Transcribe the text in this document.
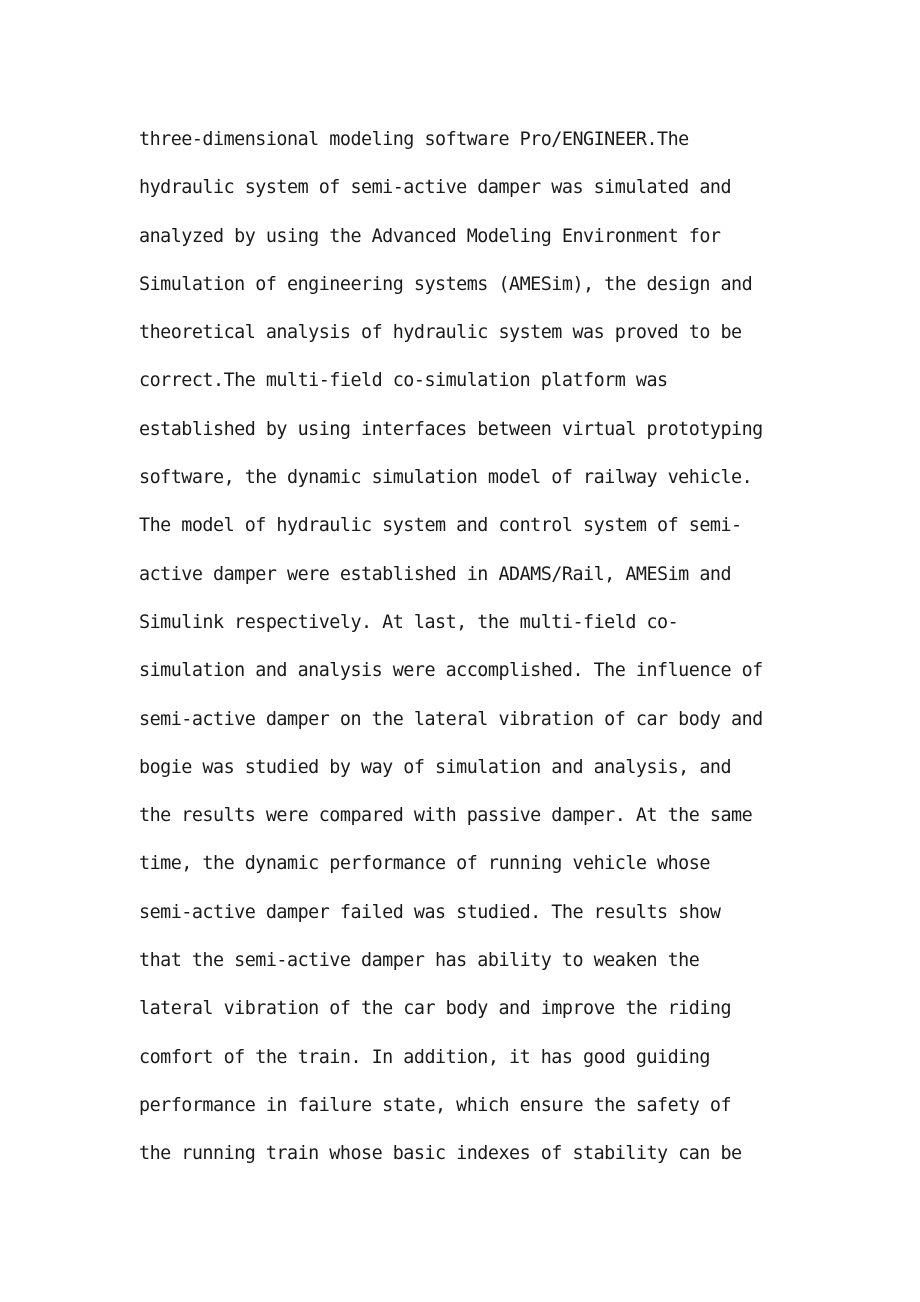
three-dimensional modeling software Pro/ENGINEER.The
hydraulic system of semi-active damper was simulated and
analyzed by using the Advanced Modeling Environment for
Simulation of engineering systems (AMESim), the design and
theoretical analysis of hydraulic system was proved to be
correct.The multi-field co-simulation platform was
established by using interfaces between virtual prototyping
software, the dynamic simulation model of railway vehicle.
The model of hydraulic system and control system of semi-
active damper were established in ADAMS/Rail, AMESim and
Simulink respectively. At last, the multi-field co-
simulation and analysis were accomplished. The influence of
semi-active damper on the lateral vibration of car body and
bogie was studied by way of simulation and analysis, and
the results were compared with passive damper. At the same
time, the dynamic performance of running vehicle whose
semi-active damper failed was studied. The results show
that the semi-active damper has ability to weaken the
lateral vibration of the car body and improve the riding
comfort of the train. In addition, it has good guiding
performance in failure state, which ensure the safety of
the running train whose basic indexes of stability can be
